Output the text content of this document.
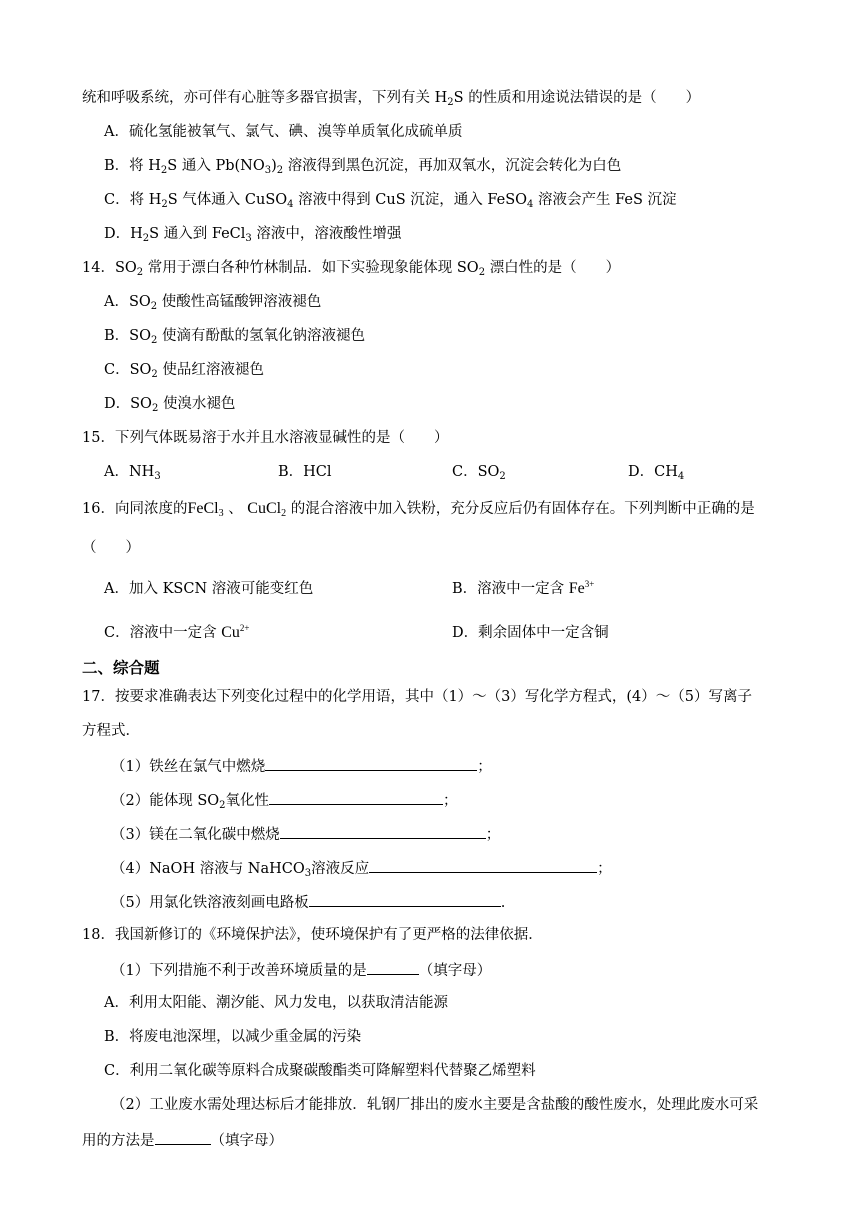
统和呼吸系统，亦可伴有心脏等多器官损害，下列有关 $H_2S$ 的性质和用途说法错误的是（　　）
A．硫化氢能被氧气、氯气、碘、溴等单质氧化成硫单质
B．将 $H_2S$ 通入 $Pb(NO_3)_2$ 溶液得到黑色沉淀，再加双氧水，沉淀会转化为白色
C．将 $H_2S$ 气体通入 CuSO$_4$ 溶液中得到 CuS 沉淀，通入 FeSO$_4$ 溶液会产生 FeS 沉淀
D．$H_2S$ 通入到 FeCl$_3$ 溶液中，溶液酸性增强
14．$SO_2$ 常用于漂白各种竹林制品．如下实验现象能体现 $SO_2$ 漂白性的是（　　）
A．$SO_2$ 使酸性高锰酸钾溶液褪色
B．$SO_2$ 使滴有酚酞的氢氧化钠溶液褪色
C．$SO_2$ 使品红溶液褪色
D．$SO_2$ 使溴水褪色
15．下列气体既易溶于水并且水溶液显碱性的是（　　）
A．$NH_3$	B．HCl	C．$SO_2$	D．$CH_4$
16．向同浓度的FeCl$_3$ 、 CuCl$_2$ 的混合溶液中加入铁粉，充分反应后仍有固体存在。下列判断中正确的是
（　　）
A．加入 KSCN 溶液可能变红色	B．溶液中一定含 $Fe^{3+}$
C．溶液中一定含 $Cu^{2+}$	D．剩余固体中一定含铜
二、综合题
17．按要求准确表达下列变化过程中的化学用语，其中（1）～（3）写化学方程式，(4）～（5）写离子
方程式．
（1）铁丝在氯气中燃烧	；
（2）能体现 $SO_2$氧化性	；
（3）镁在二氧化碳中燃烧	；
（4）NaOH 溶液与 NaHCO$_3$溶液反应	；
（5）用氯化铁溶液刻画电路板	.
18．我国新修订的《环境保护法》，使环境保护有了更严格的法律依据．
（1）下列措施不利于改善环境质量的是	（填字母）
A．利用太阳能、潮汐能、风力发电，以获取清洁能源
B．将废电池深埋，以减少重金属的污染
C．利用二氧化碳等原料合成聚碳酸酯类可降解塑料代替聚乙烯塑料
（2）工业废水需处理达标后才能排放．轧钢厂排出的废水主要是含盐酸的酸性废水，处理此废水可采
用的方法是	（填字母）
